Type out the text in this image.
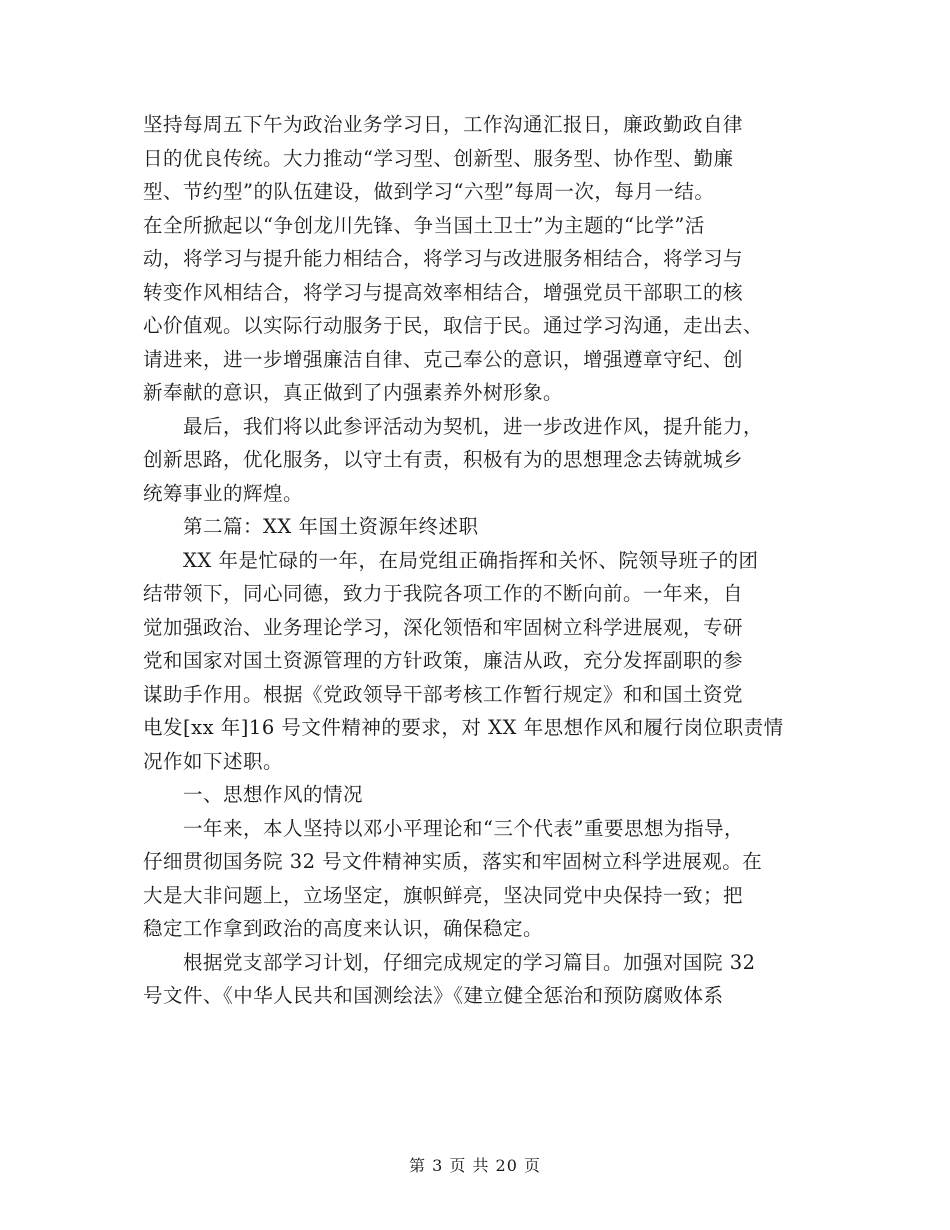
坚持每周五下午为政治业务学习日，工作沟通汇报日，廉政勤政自律
日的优良传统。大力推动“学习型、创新型、服务型、协作型、勤廉
型、节约型”的队伍建设，做到学习“六型”每周一次，每月一结。
在全所掀起以“争创龙川先锋、争当国土卫士”为主题的“比学”活
动，将学习与提升能力相结合，将学习与改进服务相结合，将学习与
转变作风相结合，将学习与提高效率相结合，增强党员干部职工的核
心价值观。以实际行动服务于民，取信于民。通过学习沟通，走出去、
请进来，进一步增强廉洁自律、克己奉公的意识，增强遵章守纪、创
新奉献的意识，真正做到了内强素养外树形象。
　　最后，我们将以此参评活动为契机，进一步改进作风，提升能力，
创新思路，优化服务，以守土有责，积极有为的思想理念去铸就城乡
统筹事业的辉煌。
　　第二篇：XX 年国土资源年终述职
　　XX 年是忙碌的一年，在局党组正确指挥和关怀、院领导班子的团
结带领下，同心同德，致力于我院各项工作的不断向前。一年来，自
觉加强政治、业务理论学习，深化领悟和牢固树立科学进展观，专研
党和国家对国土资源管理的方针政策，廉洁从政，充分发挥副职的参
谋助手作用。根据《党政领导干部考核工作暂行规定》和和国土资党
电发[xx 年]16 号文件精神的要求，对 XX 年思想作风和履行岗位职责情
况作如下述职。
　　一、思想作风的情况
　　一年来，本人坚持以邓小平理论和“三个代表”重要思想为指导，
仔细贯彻国务院 32 号文件精神实质，落实和牢固树立科学进展观。在
大是大非问题上，立场坚定，旗帜鲜亮，坚决同党中央保持一致；把
稳定工作拿到政治的高度来认识，确保稳定。
　　根据党支部学习计划，仔细完成规定的学习篇目。加强对国院 32
号文件、《中华人民共和国测绘法》《建立健全惩治和预防腐败体系
第 3 页 共 20 页
